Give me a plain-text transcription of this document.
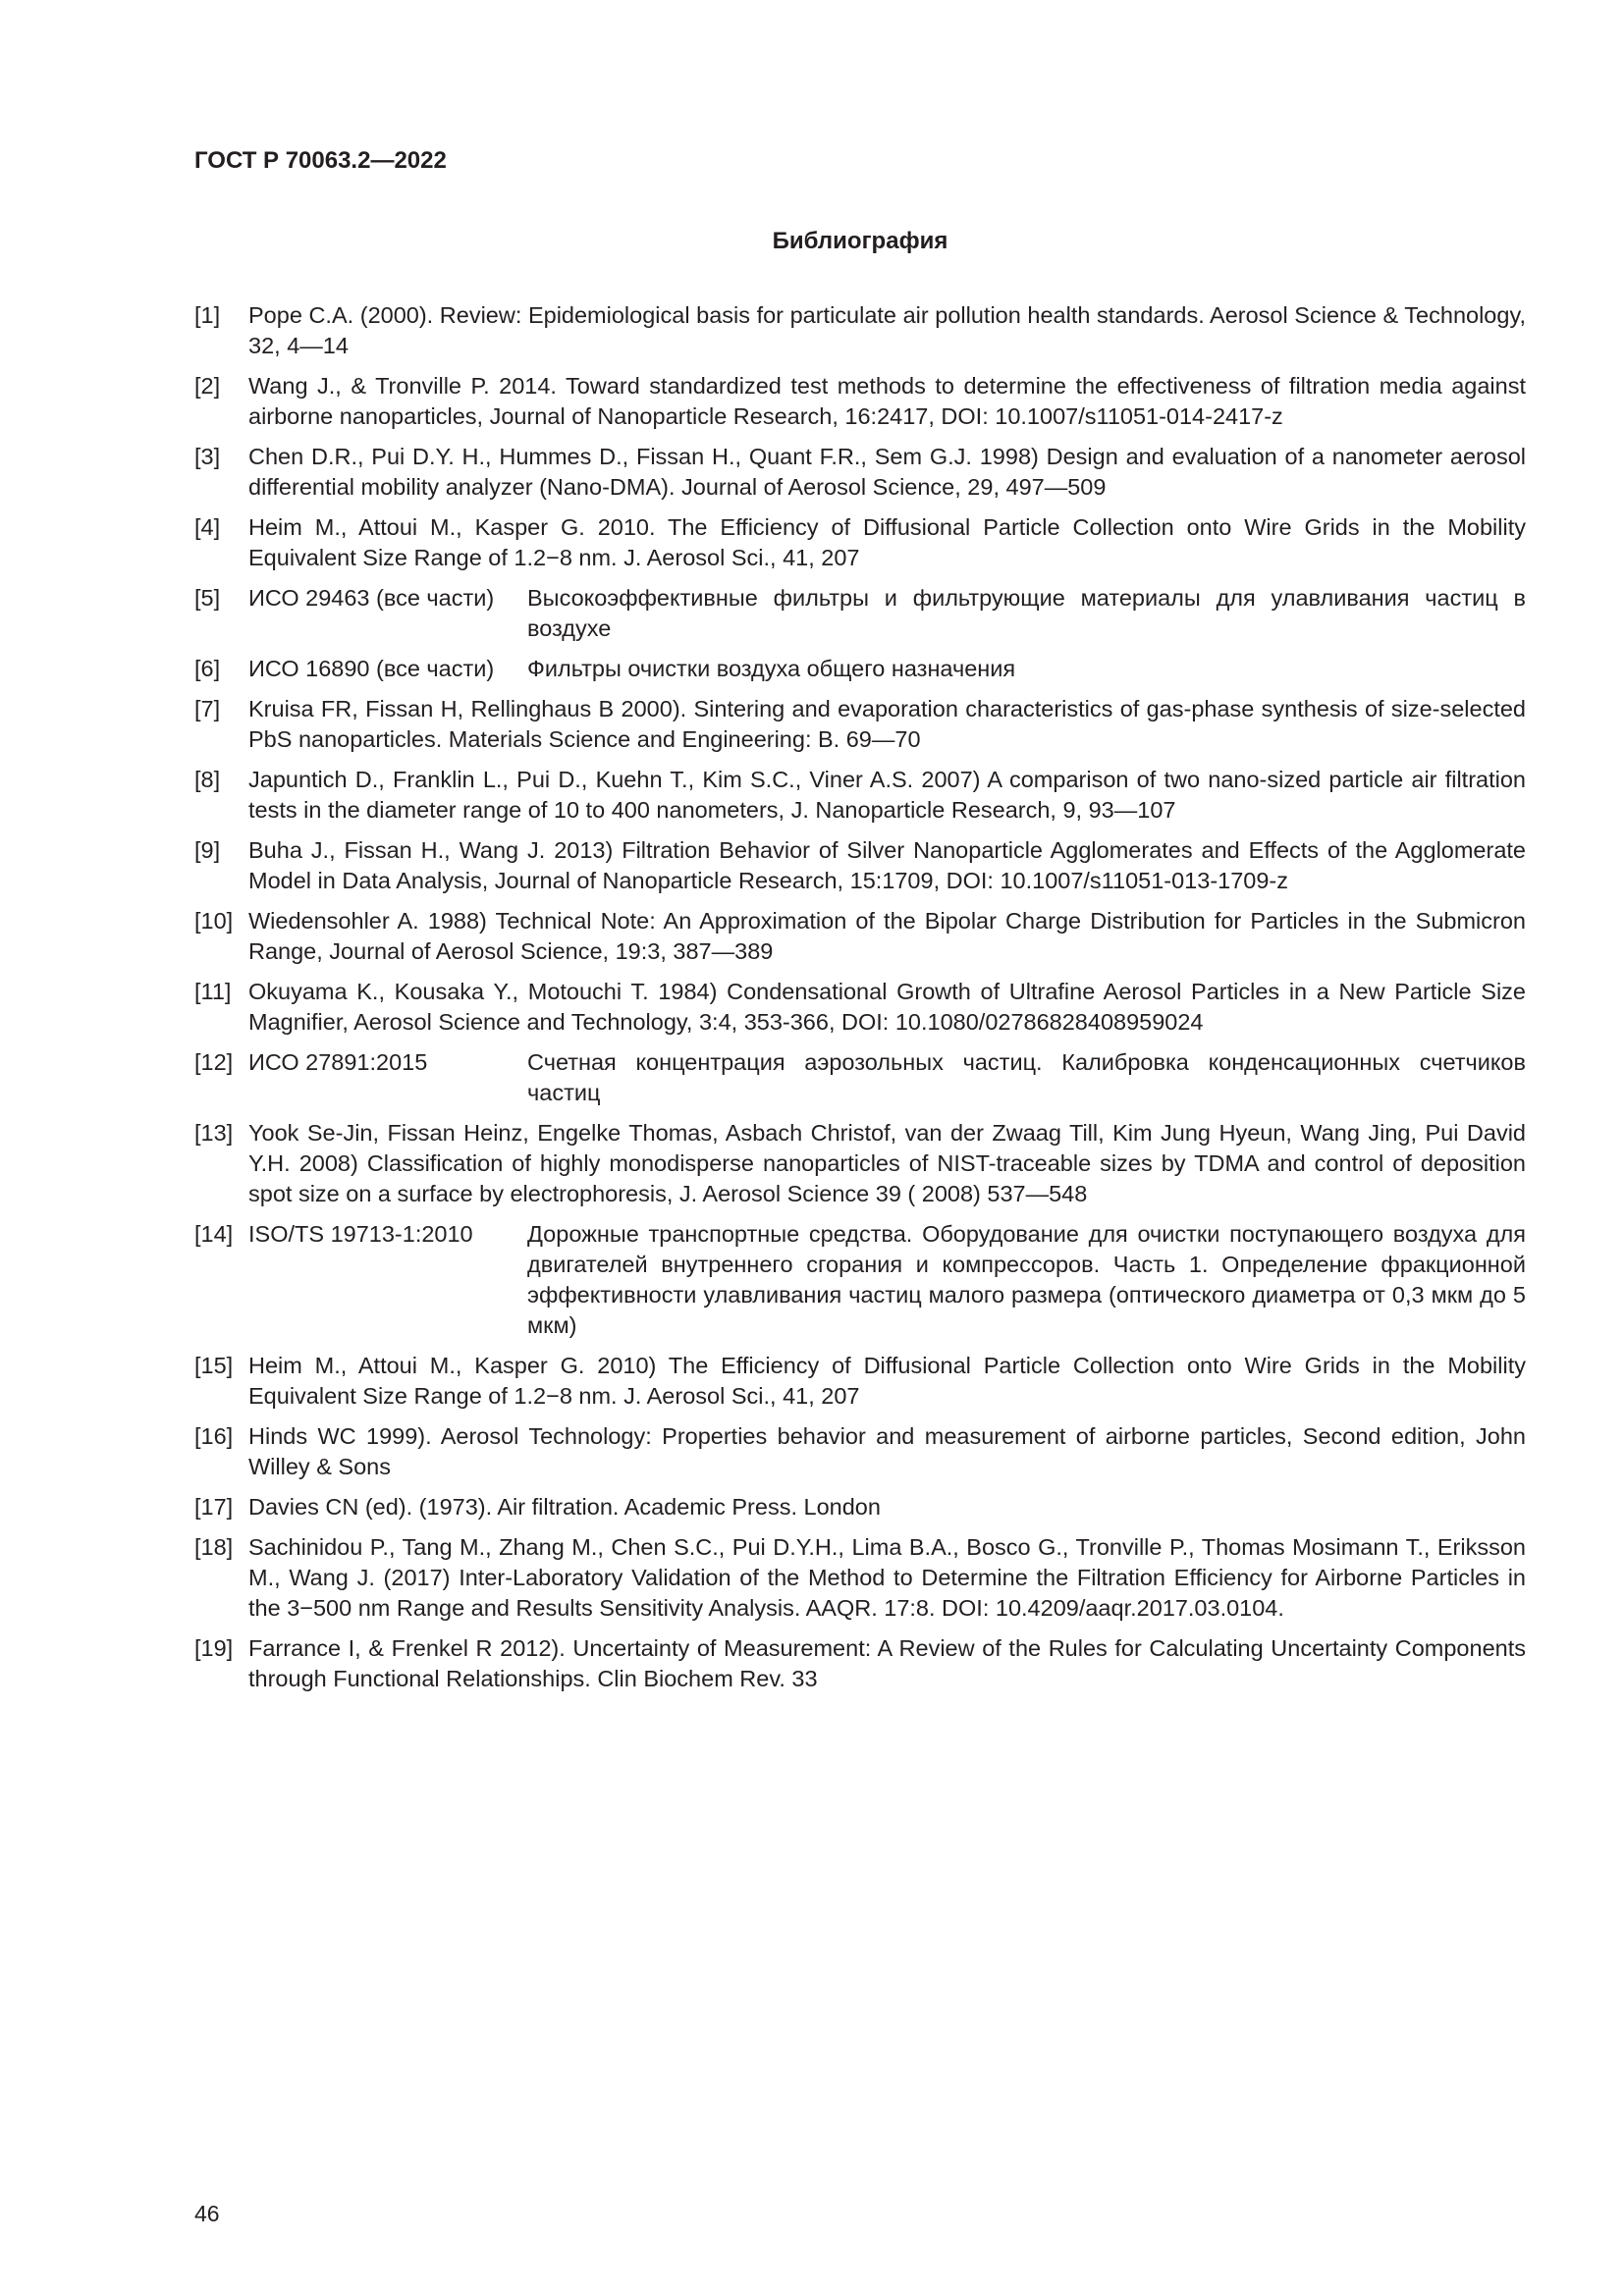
ГОСТ Р 70063.2—2022
Библиография
[1]	Pope C.A. (2000). Review: Epidemiological basis for particulate air pollution health standards. Aerosol Science & Technology, 32, 4—14
[2]	Wang J., & Tronville P. 2014. Toward standardized test methods to determine the effectiveness of filtration media against airborne nanoparticles, Journal of Nanoparticle Research, 16:2417, DOI: 10.1007/s11051-014-2417-z
[3]	Chen D.R., Pui D.Y. H., Hummes D., Fissan H., Quant F.R., Sem G.J. 1998) Design and evaluation of a nanometer aerosol differential mobility analyzer (Nano-DMA). Journal of Aerosol Science, 29, 497—509
[4]	Heim M., Attoui M., Kasper G. 2010. The Efficiency of Diffusional Particle Collection onto Wire Grids in the Mobility Equivalent Size Range of 1.2−8 nm. J. Aerosol Sci., 41, 207
[5]	ИСО 29463 (все части)	Высокоэффективные фильтры и фильтрующие материалы для улавливания частиц в воздухе
[6]	ИСО 16890 (все части)	Фильтры очистки воздуха общего назначения
[7]	Kruisa FR, Fissan H, Rellinghaus B 2000). Sintering and evaporation characteristics of gas-phase synthesis of size-selected PbS nanoparticles. Materials Science and Engineering: B. 69—70
[8]	Japuntich D., Franklin L., Pui D., Kuehn T., Kim S.C., Viner A.S. 2007) A comparison of two nano-sized particle air filtration tests in the diameter range of 10 to 400 nanometers, J. Nanoparticle Research, 9, 93—107
[9]	Buha J., Fissan H., Wang J. 2013) Filtration Behavior of Silver Nanoparticle Agglomerates and Effects of the Agglomerate Model in Data Analysis, Journal of Nanoparticle Research, 15:1709, DOI: 10.1007/s11051-013-1709-z
[10] Wiedensohler A. 1988) Technical Note: An Approximation of the Bipolar Charge Distribution for Particles in the Submicron Range, Journal of Aerosol Science, 19:3, 387—389
[11] Okuyama K., Kousaka Y., Motouchi T. 1984) Condensational Growth of Ultrafine Aerosol Particles in a New Particle Size Magnifier, Aerosol Science and Technology, 3:4, 353-366, DOI: 10.1080/02786828408959024
[12] ИСО 27891:2015	Счетная концентрация аэрозольных частиц. Калибровка конденсационных счетчиков частиц
[13] Yook Se-Jin, Fissan Heinz, Engelke Thomas, Asbach Christof, van der Zwaag Till, Kim Jung Hyeun, Wang Jing, Pui David Y.H. 2008) Classification of highly monodisperse nanoparticles of NIST-traceable sizes by TDMA and control of deposition spot size on a surface by electrophoresis, J. Aerosol Science 39 ( 2008) 537—548
[14] ISO/TS 19713-1:2010	Дорожные транспортные средства. Оборудование для очистки поступающего воздуха для двигателей внутреннего сгорания и компрессоров. Часть 1. Определение фракционной эффективности улавливания частиц малого размера (оптического диаметра от 0,3 мкм до 5 мкм)
[15] Heim M., Attoui M., Kasper G. 2010) The Efficiency of Diffusional Particle Collection onto Wire Grids in the Mobility Equivalent Size Range of 1.2−8 nm. J. Aerosol Sci., 41, 207
[16] Hinds WC 1999). Aerosol Technology: Properties behavior and measurement of airborne particles, Second edition, John Willey & Sons
[17] Davies CN (ed). (1973). Air filtration. Academic Press. London
[18] Sachinidou P., Tang M., Zhang M., Chen S.C., Pui D.Y.H., Lima B.A., Bosco G., Tronville P., Thomas Mosimann T., Eriksson M., Wang J. (2017) Inter-Laboratory Validation of the Method to Determine the Filtration Efficiency for Airborne Particles in the 3−500 nm Range and Results Sensitivity Analysis. AAQR. 17:8. DOI: 10.4209/aaqr.2017.03.0104.
[19] Farrance I, & Frenkel R 2012). Uncertainty of Measurement: A Review of the Rules for Calculating Uncertainty Components through Functional Relationships. Clin Biochem Rev. 33
46
